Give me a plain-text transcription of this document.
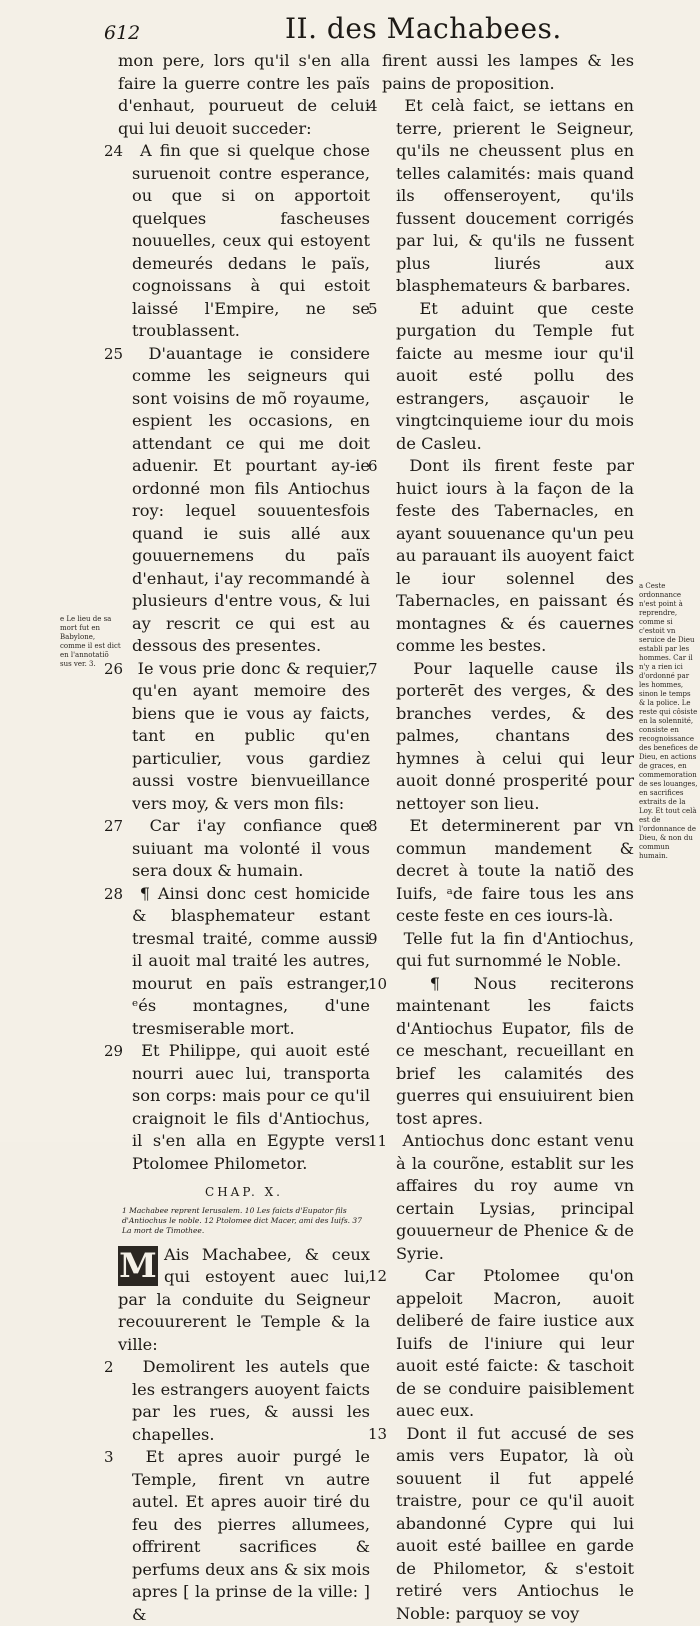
612	II. des Machabees.

mon pere, lors qu'il s'en alla faire la guerre contre les païs d'enhaut, pourueut de celui qui lui deuoit succeder:

24 A fin que si quelque chose suruenoit contre esperance, ou que si on apportoit quelques fascheuses nouuelles, ceux qui estoyent demeurés dedans le païs, cognoissans à qui estoit laissé l'Empire, ne se troublassent.

25 D'auantage ie considere comme les seigneurs qui sont voisins de mõ royaume, espient les occasions, en attendant ce qui me doit aduenir. Et pourtant ay-ie ordonné mon fils Antiochus roy: lequel souuentesfois quand ie suis allé aux gouuernemens du païs d'enhaut, i'ay recommandé à plusieurs d'entre vous, & lui ay rescrit ce qui est au dessous des presentes.

26 Ie vous prie donc & requier, qu'en ayant memoire des biens que ie vous ay faicts, tant en public qu'en particulier, vous gardiez aussi vostre bienvueillance vers moy, & vers mon fils:

27 Car i'ay confiance que suiuant ma volonté il vous sera doux & humain.

28 ¶ Ainsi donc cest homicide & blasphemateur estant tresmal traité, comme aussi il auoit mal traité les autres, mourut en païs estranger, ᵉés montagnes, d'une tresmiserable mort.

29 Et Philippe, qui auoit esté nourri auec lui, transporta son corps: mais pour ce qu'il craignoit le fils d'Antiochus, il s'en alla en Egypte vers Ptolomee Philometor.

CHAP. X.
1 Machabee reprent Ierusalem. 10 Les faicts d'Eupator fils d'Antiochus le noble. 12 Ptolomee dict Macer, ami des Iuifs. 37 La mort de Timothee.

M Ais Machabee, & ceux qui estoyent auec lui, par la conduite du Seigneur recouurerent le Temple & la ville:

2 Demolirent les autels que les estrangers auoyent faicts par les rues, & aussi les chapelles.

3 Et apres auoir purgé le Temple, firent vn autre autel. Et apres auoir tiré du feu des pierres allumees, offrirent sacrifices & perfums deux ans & six mois apres [ la prinse de la ville: ] &

firent aussi les lampes & les pains de proposition.

4 Et celà faict, se iettans en terre, prierent le Seigneur, qu'ils ne cheussent plus en telles calamités: mais quand ils offenseroyent, qu'ils fussent doucement corrigés par lui, & qu'ils ne fussent plus liurés aux blasphemateurs & barbares.

5	Et aduint que ceste purgation du Temple fut faicte au mesme iour qu'il auoit esté pollu des estrangers, asçauoir le vingtcinquieme iour du mois de Casleu.

6 Dont ils firent feste par huict iours à la façon de la feste des Tabernacles, en ayant souuenance qu'un peu au parauant ils auoyent faict le iour solennel des Tabernacles, en paissant és montagnes & és cauernes comme les bestes.

7 Pour laquelle cause ils porterēt des verges, & des branches verdes, & des palmes, chantans des hymnes à celui qui leur auoit donné prosperité pour nettoyer son lieu.

8 Et determinerent par vn commun mandement & decret à toute la natiõ des Iuifs, ᵃde faire tous les ans ceste feste en ces iours-là.

9 Telle fut la fin d'Antiochus, qui fut surnommé le Noble.

10	¶ Nous reciterons maintenant les faicts d'Antiochus Eupator, fils de ce meschant, recueillant en brief les calamités des guerres qui ensuiuirent bien tost apres.

11 Antiochus donc estant venu à la courõne, establit sur les affaires du roy aume vn certain Lysias, principal gouuerneur de Phenice & de Syrie.

12 Car Ptolomee qu'on appeloit Macron, auoit deliberé de faire iustice aux Iuifs de l'iniure qui leur auoit esté faicte: & taschoit de se conduire paisiblement auec eux.

13 Dont il fut accusé de ses amis vers Eupator, là où souuent il fut appelé traistre, pour ce qu'il auoit abandonné Cypre qui lui auoit esté baillee en garde de Philometor, & s'estoit retiré vers Antiochus le Noble: parquoy se voy

e Le lieu de sa mort fut en Babylone, comme il est dict en l'annotatiõ sus ver. 3.
a Ceste ordonnance n'est point à reprendre, comme si c'estoit vn seruice de Dieu establi par les hommes. Car il n'y a rien ici d'ordonné par les hommes, sinon le temps & la police. Le reste qui côsiste en la solennité, consiste en recognoissance des benefices de Dieu, en actions de graces, en commemoration de ses louanges, en sacrifices extraits de la Loy. Et tout celà est de l'ordonnance de Dieu, & non du commun humain.
